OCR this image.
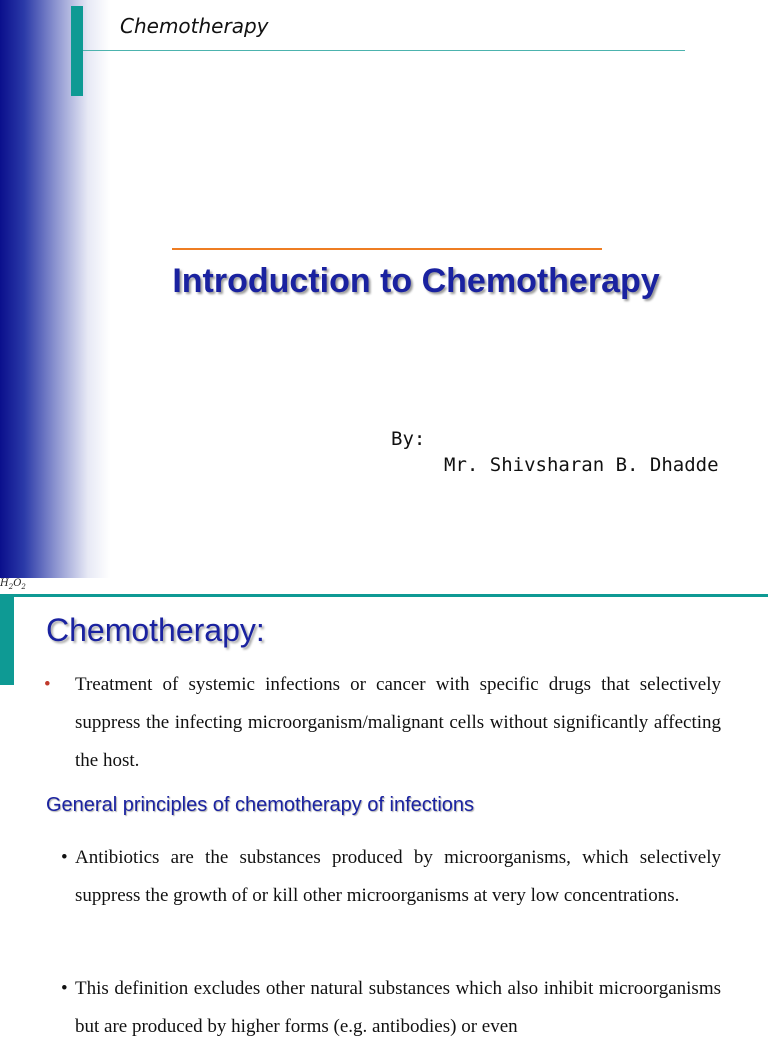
Chemotherapy
Introduction to Chemotherapy
By:
Mr. Shivsharan B. Dhadde
$H_2O_2$
Chemotherapy:
• Treatment of systemic infections or cancer with specific drugs that selectively suppress the infecting microorganism/malignant cells without significantly affecting the host.
General principles of chemotherapy of infections
• Antibiotics are the substances produced by microorganisms, which selectively suppress the growth of or kill other microorganisms at very low concentrations.
• This definition excludes other natural substances which also inhibit microorganisms but are produced by higher forms (e.g. antibodies) or even
